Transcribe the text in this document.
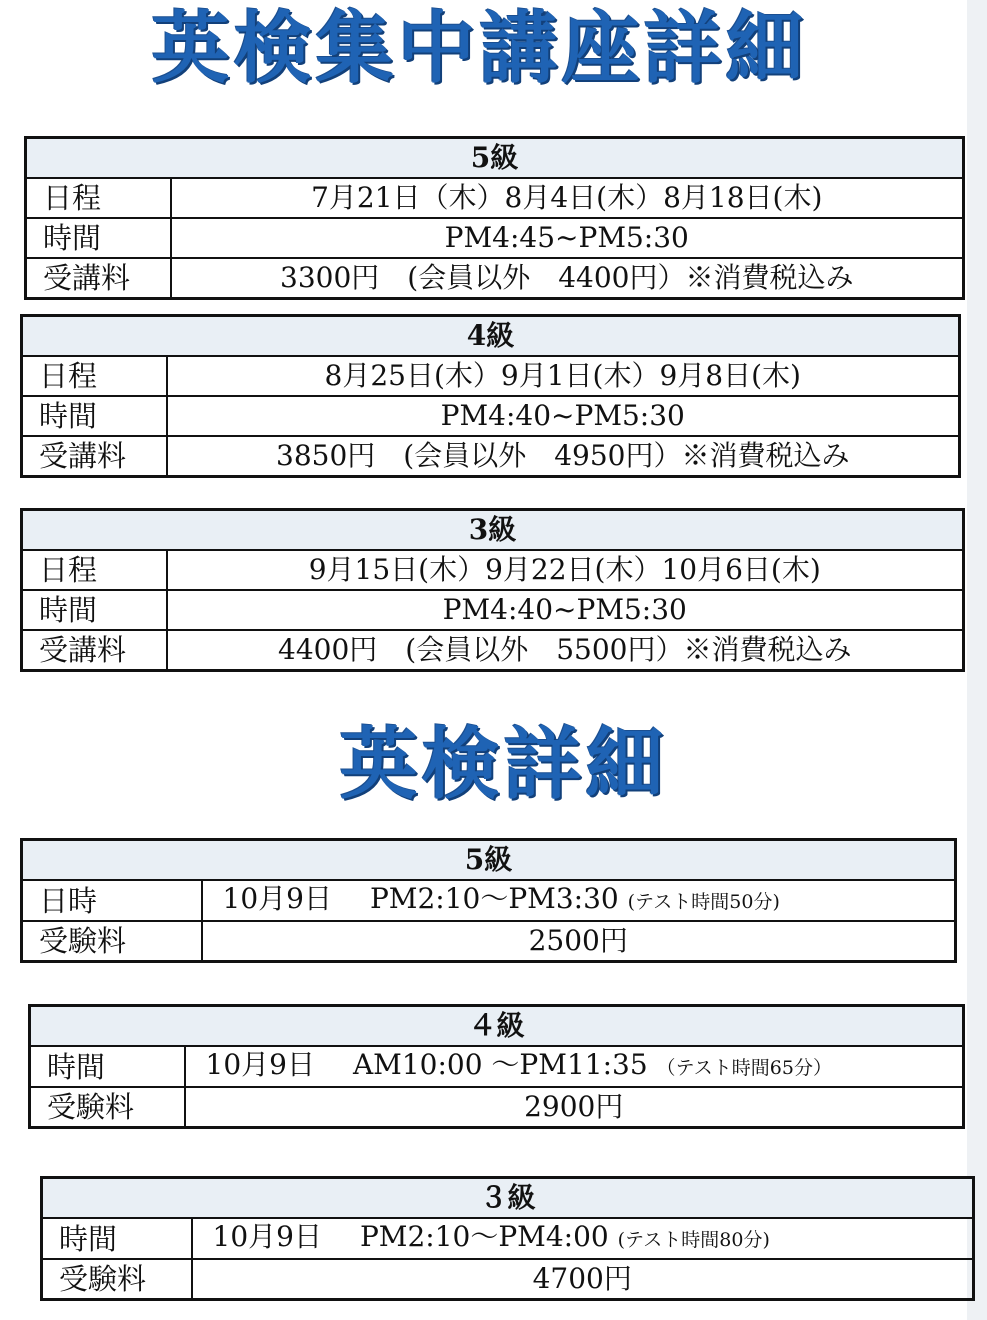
英検集中講座詳細
5級	
日程	7月21日（木）8月4日(木）8月18日(木)
時間	PM4:45~PM5:30
受講料	3300円　(会員以外　4400円）※消費税込み
4級	
日程	8月25日(木）9月1日(木）9月8日(木)
時間	PM4:40~PM5:30
受講料	3850円　(会員以外　4950円）※消費税込み
3級	
日程	9月15日(木）9月22日(木）10月6日(木)
時間	PM4:40~PM5:30
受講料	4400円　(会員以外　5500円）※消費税込み
英検詳細
5級	
日時	10月9日 PM2:10〜PM3:30 (テスト時間50分)
受験料	2500円
４級	
時間	10月9日 AM10:00 〜PM11:35 （テスト時間65分）
受験料	2900円
３級	
時間	10月9日 PM2:10〜PM4:00 (テスト時間80分)
受験料	4700円
